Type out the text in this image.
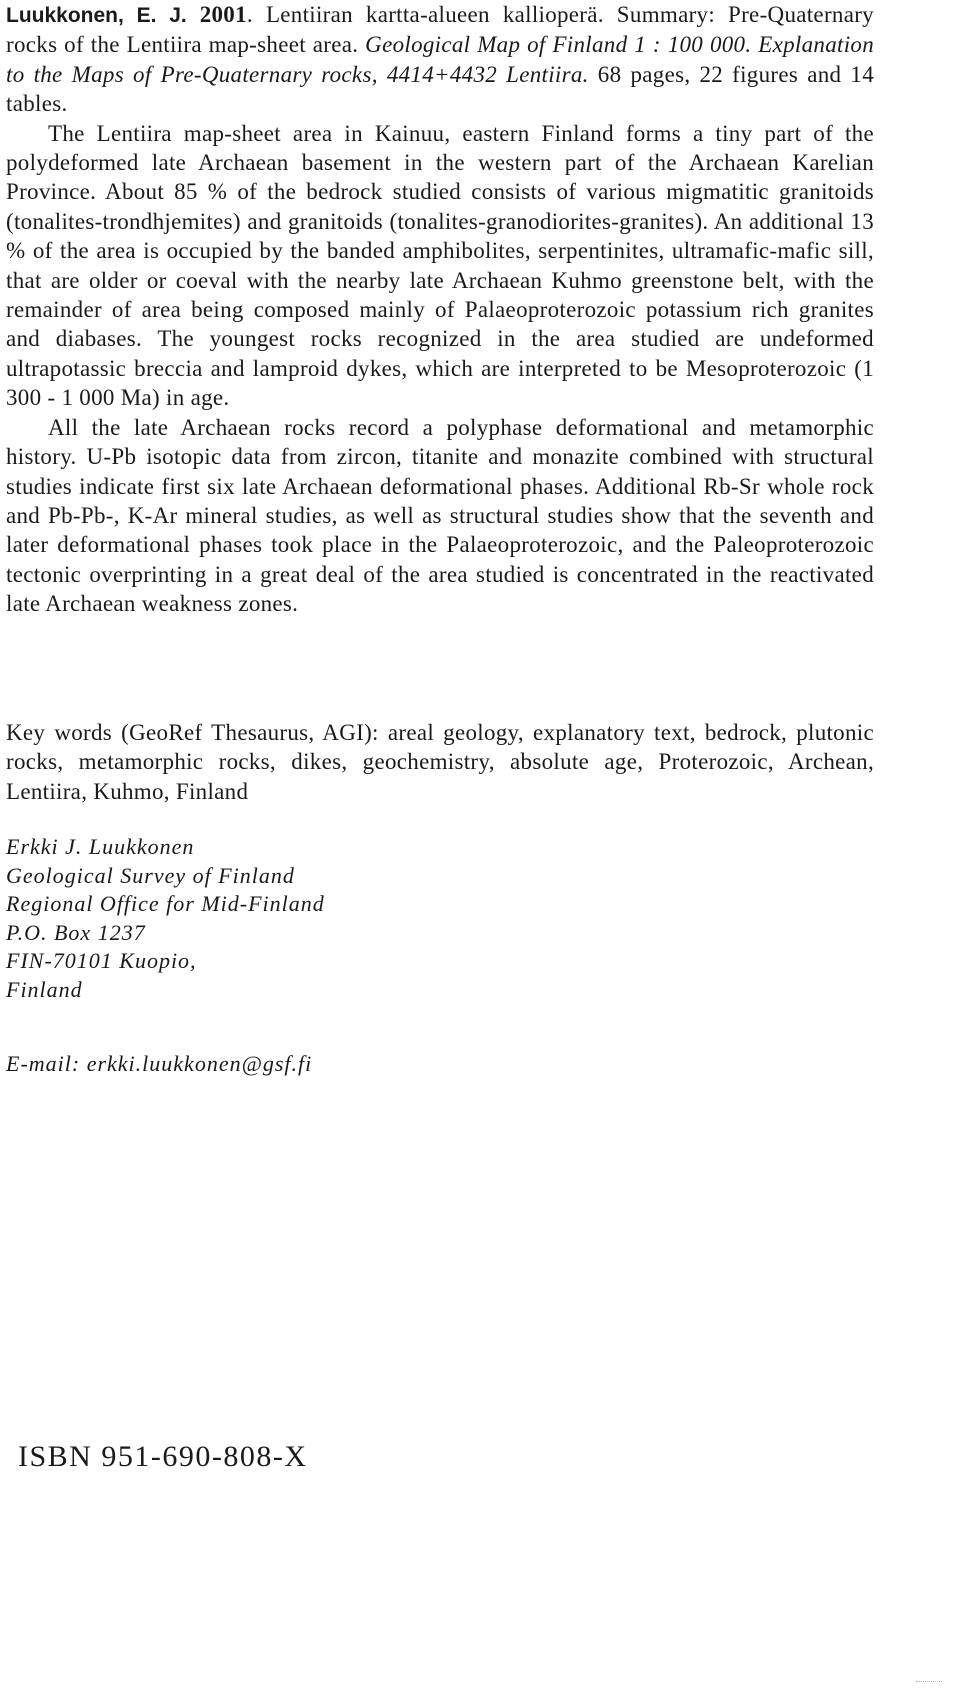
Luukkonen, E. J. 2001. Lentiiran kartta-alueen kallioperä. Summary: Pre-Quaternary rocks of the Lentiira map-sheet area. Geological Map of Finland 1 : 100 000. Explanation to the Maps of Pre-Quaternary rocks, 4414+4432 Lentiira. 68 pages, 22 figures and 14 tables.

The Lentiira map-sheet area in Kainuu, eastern Finland forms a tiny part of the polydeformed late Archaean basement in the western part of the Archaean Karelian Province. About 85 % of the bedrock studied consists of various migmatitic granitoids (tonalites-trondhjemites) and granitoids (tonalites-granodiorites-granites). An additional 13 % of the area is occupied by the banded amphibolites, serpentinites, ultramafic-mafic sill, that are older or coeval with the nearby late Archaean Kuhmo greenstone belt, with the remainder of area being composed mainly of Palaeoproterozoic potassium rich granites and diabases. The youngest rocks recognized in the area studied are undeformed ultrapotassic breccia and lamproid dykes, which are interpreted to be Mesoproterozoic (1 300 - 1 000 Ma) in age.

All the late Archaean rocks record a polyphase deformational and metamorphic history. U-Pb isotopic data from zircon, titanite and monazite combined with structural studies indicate first six late Archaean deformational phases. Additional Rb-Sr whole rock and Pb-Pb-, K-Ar mineral studies, as well as structural studies show that the seventh and later deformational phases took place in the Palaeoproterozoic, and the Paleoproterozoic tectonic overprinting in a great deal of the area studied is concentrated in the reactivated late Archaean weakness zones.

Key words (GeoRef Thesaurus, AGI): areal geology, explanatory text, bedrock, plutonic rocks, metamorphic rocks, dikes, geochemistry, absolute age, Proterozoic, Archean, Lentiira, Kuhmo, Finland

Erkki J. Luukkonen
Geological Survey of Finland
Regional Office for Mid-Finland
P.O. Box 1237
FIN-70101 Kuopio,
Finland
E-mail: erkki.luukkonen@gsf.fi
ISBN 951-690-808-X
